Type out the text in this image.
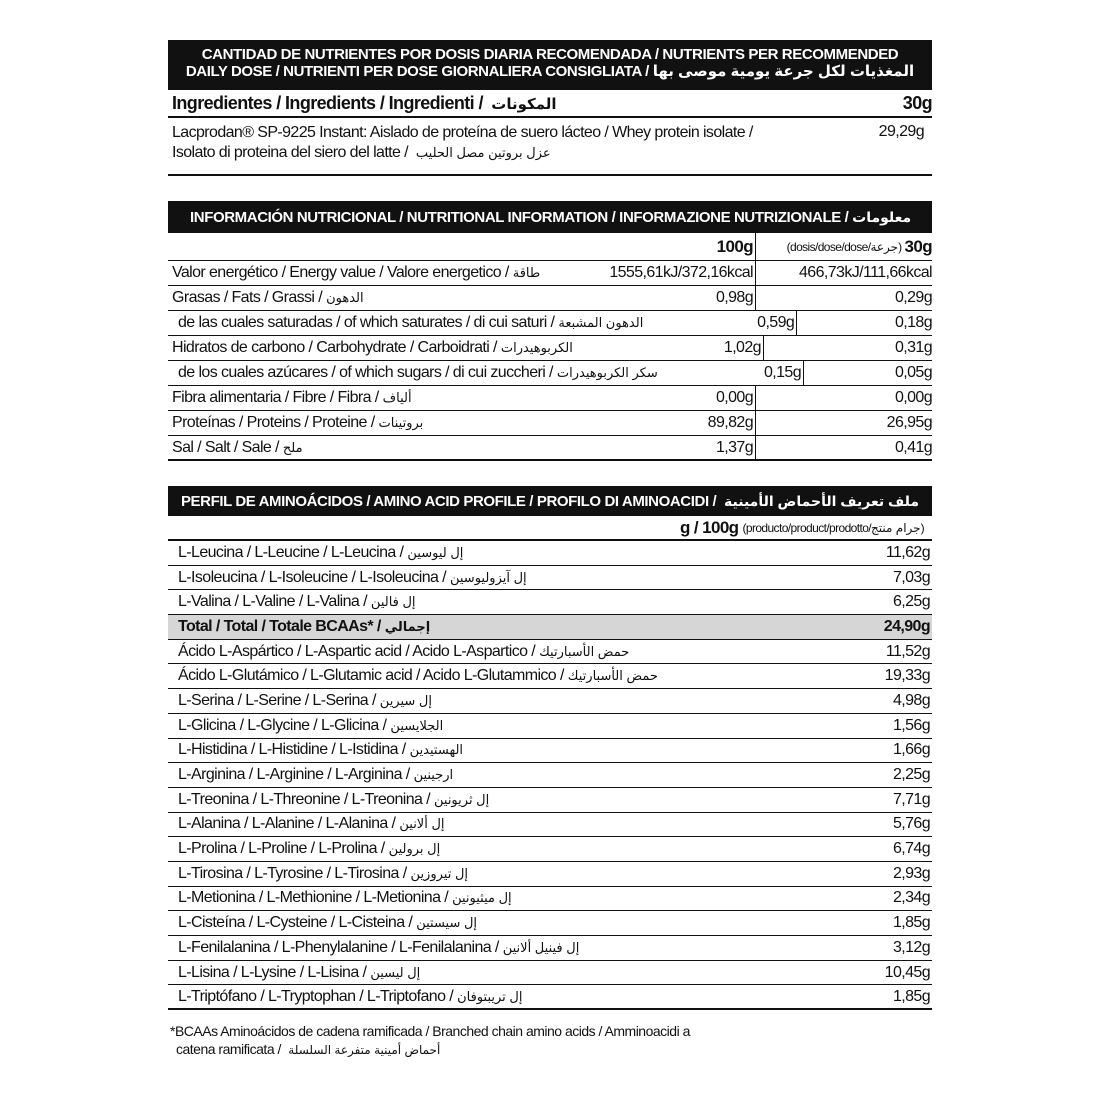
CANTIDAD DE NUTRIENTES POR DOSIS DIARIA RECOMENDADA / NUTRIENTS PER RECOMMENDED
DAILY DOSE / NUTRIENTI PER DOSE GIORNALIERA CONSIGLIATA / المغذيات لكل جرعة يومية موصى بها
Ingredientes / Ingredients / Ingredienti / المكونات	30g
Lacprodan® SP-9225 Instant: Aislado de proteína de suero lácteo / Whey protein isolate /
Isolato di proteina del siero del latte / عزل بروتين مصل الحليب
29,29g
INFORMACIÓN NUTRICIONAL / NUTRITIONAL INFORMATION / INFORMAZIONE NUTRIZIONALE / معلومات غذائية	100g	(dosis/dose/dose/جرعة) 30g
Valor energético / Energy value / Valore energetico / طاقة	1555,61kJ/372,16kcal	466,73kJ/111,66kcal
Grasas / Fats / Grassi / الدهون	0,98g	0,29g
de las cuales saturadas / of which saturates / di cui saturi / الدهون المشبعة	0,59g	0,18g
Hidratos de carbono / Carbohydrate / Carboidrati / الكربوهيدرات	1,02g	0,31g
de los cuales azúcares / of which sugars / di cui zuccheri / سكر الكربوهيدرات	0,15g	0,05g
Fibra alimentaria / Fibre / Fibra / ألياف	0,00g	0,00g
Proteínas / Proteins / Proteine / بروتينات	89,82g	26,95g
Sal / Salt / Sale / ملح	1,37g	0,41g
PERFIL DE AMINOÁCIDOS / AMINO ACID PROFILE / PROFILO DI AMINOACIDI / ملف تعريف الأحماض الأمينية
g / 100g (producto/product/prodotto/جرام منتج)
L-Leucina / L-Leucine / L-Leucina / إل ليوسين	11,62g
L-Isoleucina / L-Isoleucine / L-Isoleucina / إل آيزوليوسين	7,03g
L-Valina / L-Valine / L-Valina / إل فالين	6,25g
Total / Total / Totale BCAAs* / إجمالي	24,90g
Ácido L-Aspártico / L-Aspartic acid / Acido L-Aspartico / حمض الأسبارتيك	11,52g
Ácido L-Glutámico / L-Glutamic acid / Acido L-Glutammico / حمض الأسبارتيك	19,33g
L-Serina / L-Serine / L-Serina / إل سيرين	4,98g
L-Glicina / L-Glycine / L-Glicina / الجلايسين	1,56g
L-Histidina / L-Histidine / L-Istidina / الهستيدين	1,66g
L-Arginina / L-Arginine / L-Arginina / ارجينين	2,25g
L-Treonina / L-Threonine / L-Treonina / إل ثريونين	7,71g
L-Alanina / L-Alanine / L-Alanina / إل ألانين	5,76g
L-Prolina / L-Proline / L-Prolina / إل برولين	6,74g
L-Tirosina / L-Tyrosine / L-Tirosina / إل تيروزين	2,93g
L-Metionina / L-Methionine / L-Metionina / إل ميثيونين	2,34g
L-Cisteína / L-Cysteine / L-Cisteina / إل سيستين	1,85g
L-Fenilalanina / L-Phenylalanine / L-Fenilalanina / إل فينيل ألانين	3,12g
L-Lisina / L-Lysine / L-Lisina / إل ليسين	10,45g
L-Triptófano / L-Tryptophan / L-Triptofano / إل تريبتوفان	1,85g
*BCAAs Aminoácidos de cadena ramificada / Branched chain amino acids / Amminoacidi a
catena ramificata / أحماض أمينية متفرعة السلسلة
